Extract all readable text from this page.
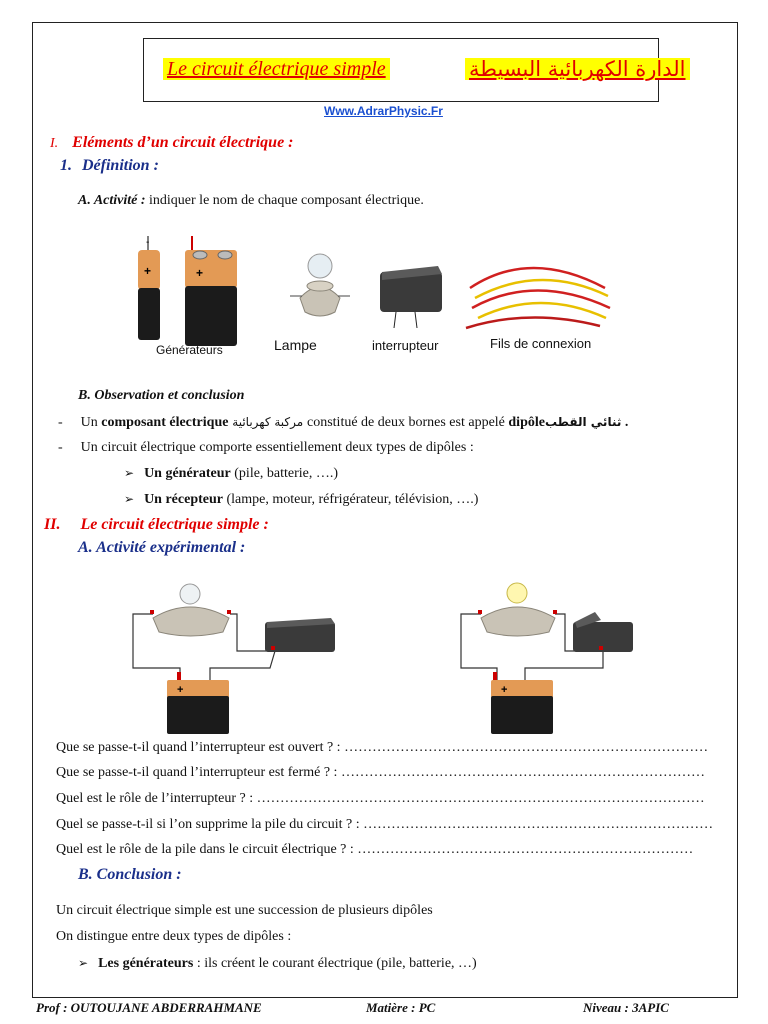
Le circuit électrique simple	الدارة الكهربائية البسيطة
Www.AdrarPhysic.Fr
I. Eléments d’un circuit électrique :
1. Définition :
A. Activité : indiquer le nom de chaque composant électrique.
+
-
+
Générateurs	Lampe	interrupteur	Fils de connexion
B. Observation et conclusion
- Un composant électrique مركبة كهربائية constitué de deux bornes est appelé dipôleثنائي القطب .
- Un circuit électrique comporte essentiellement deux types de dipôles :
➢ Un générateur (pile, batterie, ….)
➢ Un récepteur (lampe, moteur, réfrigérateur, télévision, ….)
II. Le circuit électrique simple :
A. Activité expérimental :
+	+
Que se passe-t-il quand l’interrupteur est ouvert ? : ……………………………………………………………………
Que se passe-t-il quand l’interrupteur est fermé ? : ……………………………………………………………………
Quel est le rôle de l’interrupteur ? : ……………………………………………………………………………………
Quel se passe-t-il si l’on supprime la pile du circuit ? : …………………………………………………………………
Quel est le rôle de la pile dans le circuit électrique ? : ………………………………………………………………
B. Conclusion :
Un circuit électrique simple est une succession de plusieurs dipôles
On distingue entre deux types de dipôles :
➢ Les générateurs : ils créent le courant électrique (pile, batterie, …)
Prof : OUTOUJANE ABDERRAHMANE	Matière : PC	Niveau : 3APIC
